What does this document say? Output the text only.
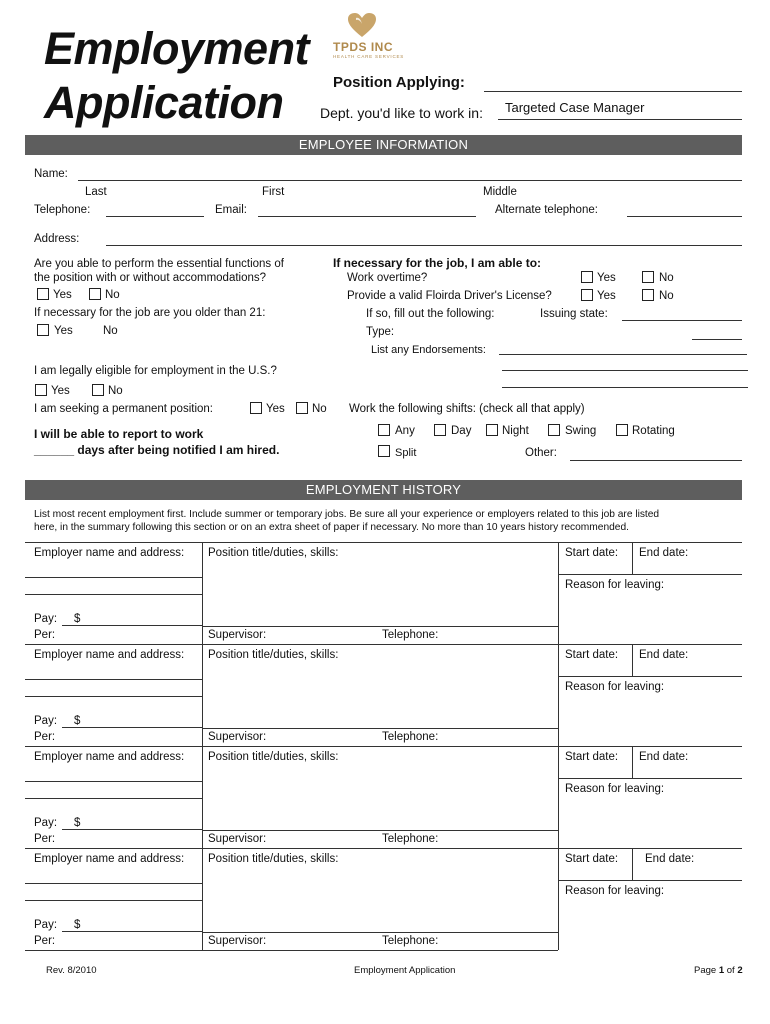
Employment
Application
TPDS INC
HEALTH CARE SERVICES
Position Applying:
Dept. you'd like to work in: Targeted Case Manager
EMPLOYEE INFORMATION
Name:
Last	First	Middle
Telephone:	Email:	Alternate telephone:
Address:
Are you able to perform the essential functions of
the position with or without accommodations?
Yes	No
If necessary for the job are you older than 21:
Yes	No
I am legally eligible for employment in the U.S.?
Yes	No
I am seeking a permanent position:	Yes No
I will be able to report to work
______ days after being notified I am hired.
If necessary for the job, I am able to:
Work overtime?	Yes	No
Provide a valid Floirda Driver's License?	Yes	No
If so, fill out the following:	Issuing state:
Type:
List any Endorsements:
Work the following shifts: (check all that apply)
Any	Day	Night	Swing	Rotating
Split	Other:
EMPLOYMENT HISTORY
List most recent employment first. Include summer or temporary jobs. Be sure all your experience or employers related to this job are listed
here, in the summary following this section or on an extra sheet of paper if necessary. No more than 10 years history recommended.
Employer name and address:
Pay: $
Per:
Position title/duties, skills:
Supervisor:	Telephone:
Start date: End date:
Reason for leaving:
Employer name and address:
Pay: $
Per:
Position title/duties, skills:
Supervisor:	Telephone:
Start date: End date:
Reason for leaving:
Employer name and address:
Pay: $
Per:
Position title/duties, skills:
Supervisor:	Telephone:
Start date: End date:
Reason for leaving:
Employer name and address:
Pay: $
Per:
Position title/duties, skills:
Supervisor:	Telephone:
Start date: End date:
Reason for leaving:
Rev. 8/2010	Employment Application	Page 1 of 2
